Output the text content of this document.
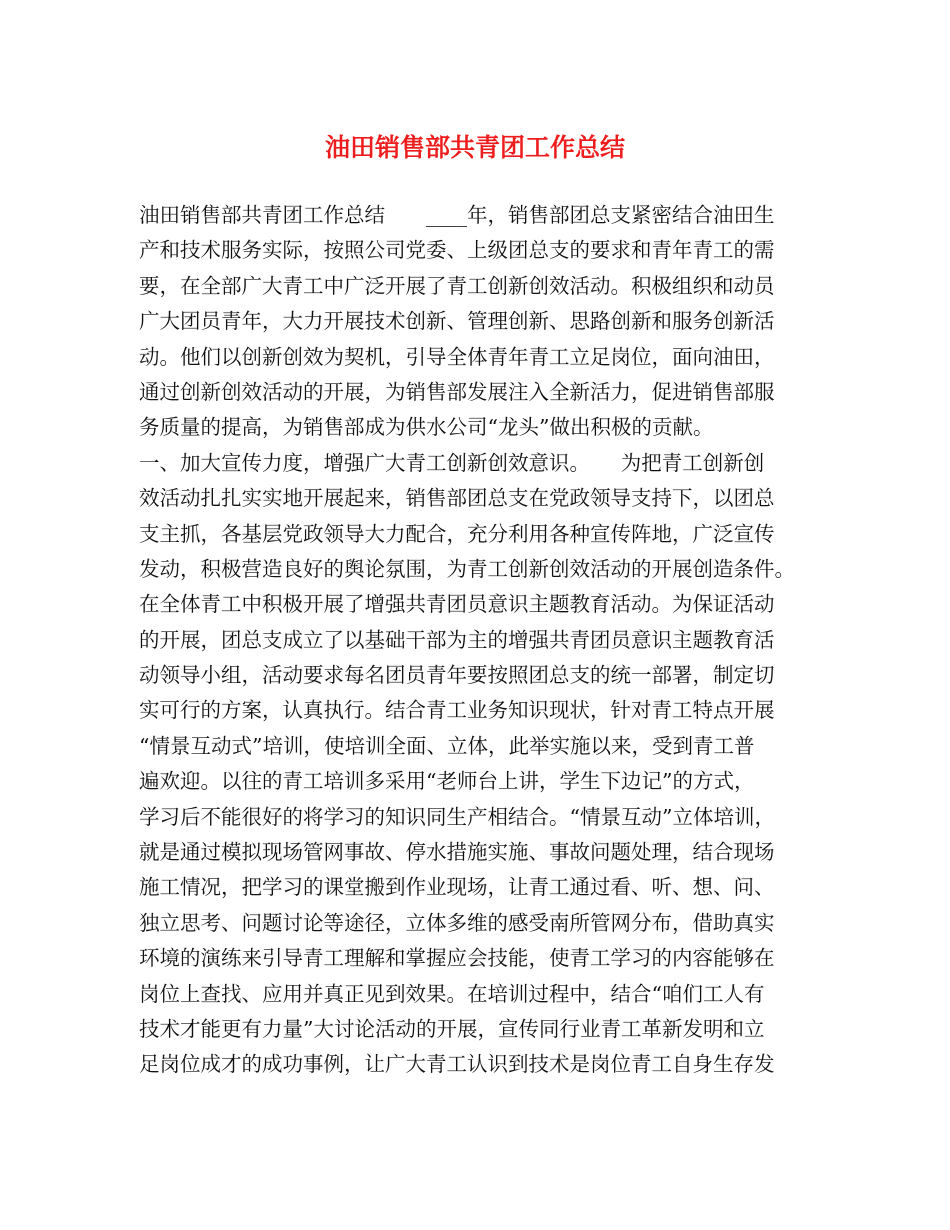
油田销售部共青团工作总结
油田销售部共青团工作总结　　____年，销售部团总支紧密结合油田生
产和技术服务实际，按照公司党委、上级团总支的要求和青年青工的需
要，在全部广大青工中广泛开展了青工创新创效活动。积极组织和动员
广大团员青年，大力开展技术创新、管理创新、思路创新和服务创新活
动。他们以创新创效为契机，引导全体青年青工立足岗位，面向油田，
通过创新创效活动的开展，为销售部发展注入全新活力，促进销售部服
务质量的提高，为销售部成为供水公司“龙头”做出积极的贡献。
一、加大宣传力度，增强广大青工创新创效意识。　　为把青工创新创
效活动扎扎实实地开展起来，销售部团总支在党政领导支持下，以团总
支主抓，各基层党政领导大力配合，充分利用各种宣传阵地，广泛宣传
发动，积极营造良好的舆论氛围，为青工创新创效活动的开展创造条件。
在全体青工中积极开展了增强共青团员意识主题教育活动。为保证活动
的开展，团总支成立了以基础干部为主的增强共青团员意识主题教育活
动领导小组，活动要求每名团员青年要按照团总支的统一部署，制定切
实可行的方案，认真执行。结合青工业务知识现状，针对青工特点开展
“情景互动式”培训，使培训全面、立体，此举实施以来，受到青工普
遍欢迎。以往的青工培训多采用“老师台上讲，学生下边记”的方式，
学习后不能很好的将学习的知识同生产相结合。“情景互动”立体培训，
就是通过模拟现场管网事故、停水措施实施、事故问题处理，结合现场
施工情况，把学习的课堂搬到作业现场，让青工通过看、听、想、问、
独立思考、问题讨论等途径，立体多维的感受南所管网分布，借助真实
环境的演练来引导青工理解和掌握应会技能，使青工学习的内容能够在
岗位上查找、应用并真正见到效果。在培训过程中，结合“咱们工人有
技术才能更有力量”大讨论活动的开展，宣传同行业青工革新发明和立
足岗位成才的成功事例，让广大青工认识到技术是岗位青工自身生存发
